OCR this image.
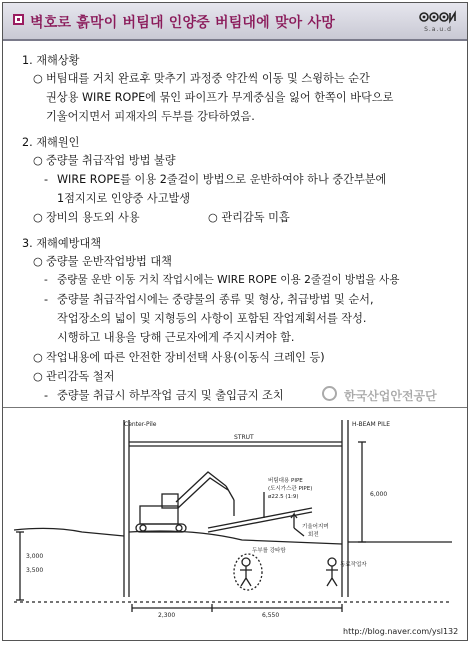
벽호로 흙막이 버팀대 인양중 버팀대에 맞아 사망	S.a.u.d
1. 재해상황
○ 버팀대를 거치 완료후 맞추기 과정중 약간씩 이동 및 스윙하는 순간
권상용 WIRE ROPE에 묶인 파이프가 무게중심을 잃어 한쪽이 바닥으로
기울어지면서 피재자의 두부를 강타하였음.
2. 재해원인
○ 중량물 취급작업 방법 불량
- WIRE ROPE를 이용 2줄걸이 방법으로 운반하여야 하나 중간부분에
1점지지로 인양중 사고발생
○ 장비의 용도외 사용	○ 관리감독 미흡
3. 재해예방대책
○ 중량물 운반작업방법 대책
- 중량물 운반 이동 거치 작업시에는 WIRE ROPE 이용 2줄걸이 방법을 사용
- 중량물 취급작업시에는 중량물의 종류 및 형상, 취급방법 및 순서,
작업장소의 넓이 및 지형등의 사항이 포함된 작업계획서를 작성.
시행하고 내용을 당해 근로자에게 주지시켜야 함.
○ 작업내용에 따른 안전한 장비선택 사용(이동식 크레인 등)
○ 관리감독 철저
- 중량물 취급시 하부작업 금지 및 출입금지 조치	한국산업안전공단
Center-Pile
STRUT
H-BEAM PILE
버팀대용 PIPE
(도시가스관 PIPE)
ø22.5 (1:9)
기울어지며
회전
두부를 강타함
동료작업자
6,000
3,000
3,500
2,300	6,550
http://blog.naver.com/ysl132
